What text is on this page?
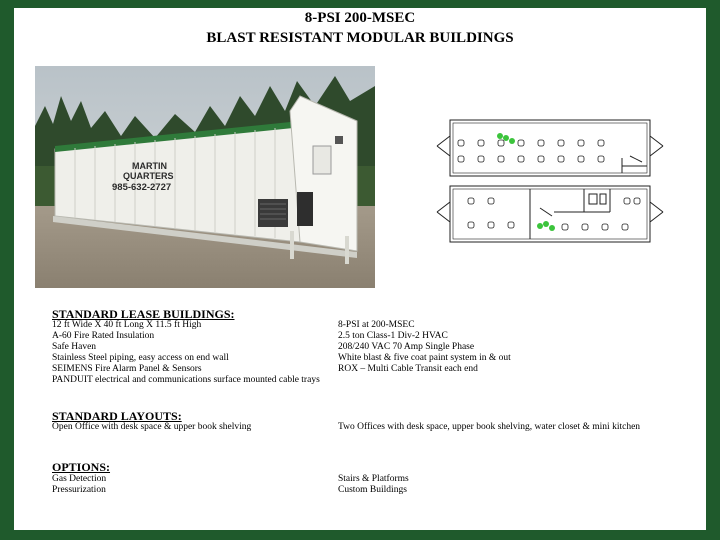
8-PSI 200-MSEC
BLAST RESISTANT MODULAR BUILDINGS
MARTIN
QUARTERS
985-632-2727
STANDARD LEASE BUILDINGS:

12 ft Wide X 40 ft Long X 11.5 ft High

A-60 Fire Rated Insulation

Safe Haven

Stainless Steel piping, easy access on end wall

SEIMENS Fire Alarm Panel & Sensors

PANDUIT electrical and communications surface mounted cable trays

8-PSI at 200-MSEC

2.5 ton Class-1 Div-2 HVAC

208/240 VAC 70 Amp Single Phase

White blast & five coat paint system in & out

ROX – Multi Cable Transit each end

STANDARD LAYOUTS:

Open Office with desk space & upper book shelving	Two Offices with desk space, upper book shelving, water closet & mini kitchen

OPTIONS:

Gas Detection

Pressurization

Stairs & Platforms

Custom Buildings
